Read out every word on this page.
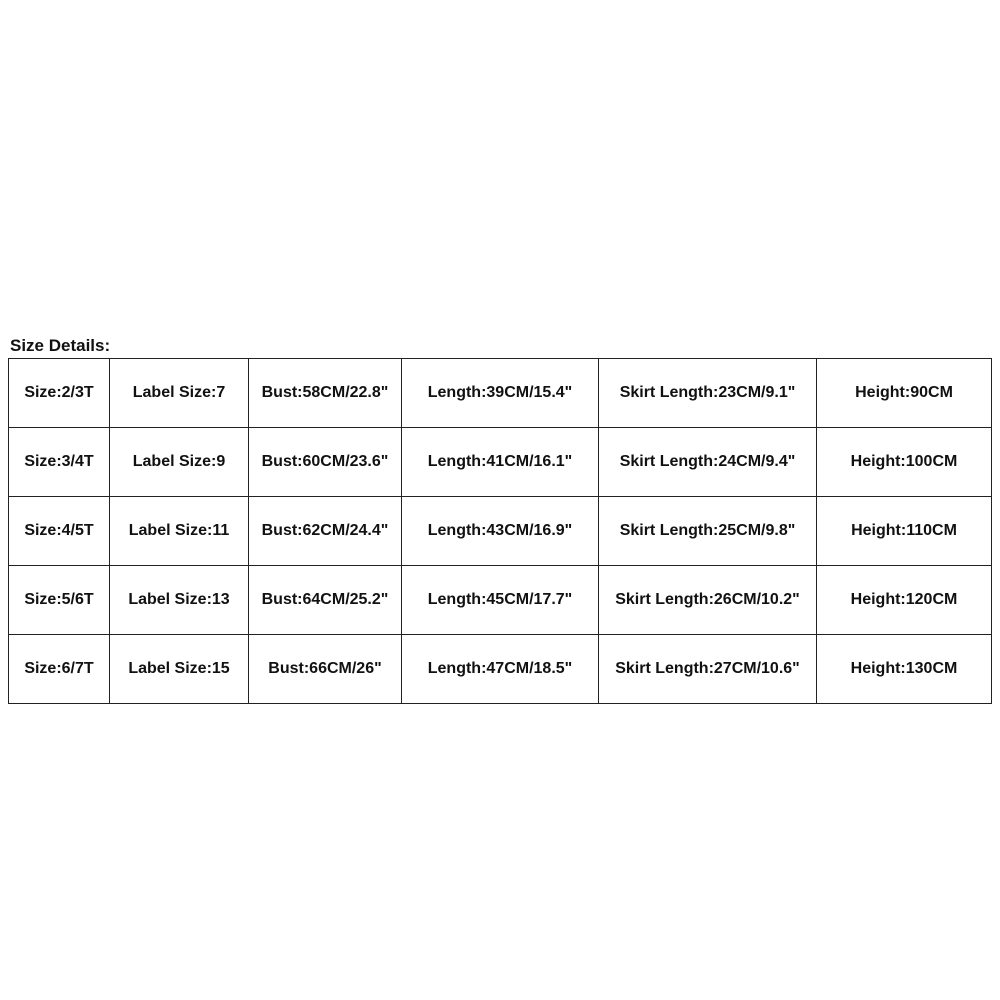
Size Details:
Size:2/3T	Label Size:7	Bust:58CM/22.8"	Length:39CM/15.4"	Skirt Length:23CM/9.1"	Height:90CM
Size:3/4T	Label Size:9	Bust:60CM/23.6"	Length:41CM/16.1"	Skirt Length:24CM/9.4"	Height:100CM
Size:4/5T	Label Size:11	Bust:62CM/24.4"	Length:43CM/16.9"	Skirt Length:25CM/9.8"	Height:110CM
Size:5/6T	Label Size:13	Bust:64CM/25.2"	Length:45CM/17.7"	Skirt Length:26CM/10.2"	Height:120CM
Size:6/7T	Label Size:15	Bust:66CM/26"	Length:47CM/18.5"	Skirt Length:27CM/10.6"	Height:130CM
